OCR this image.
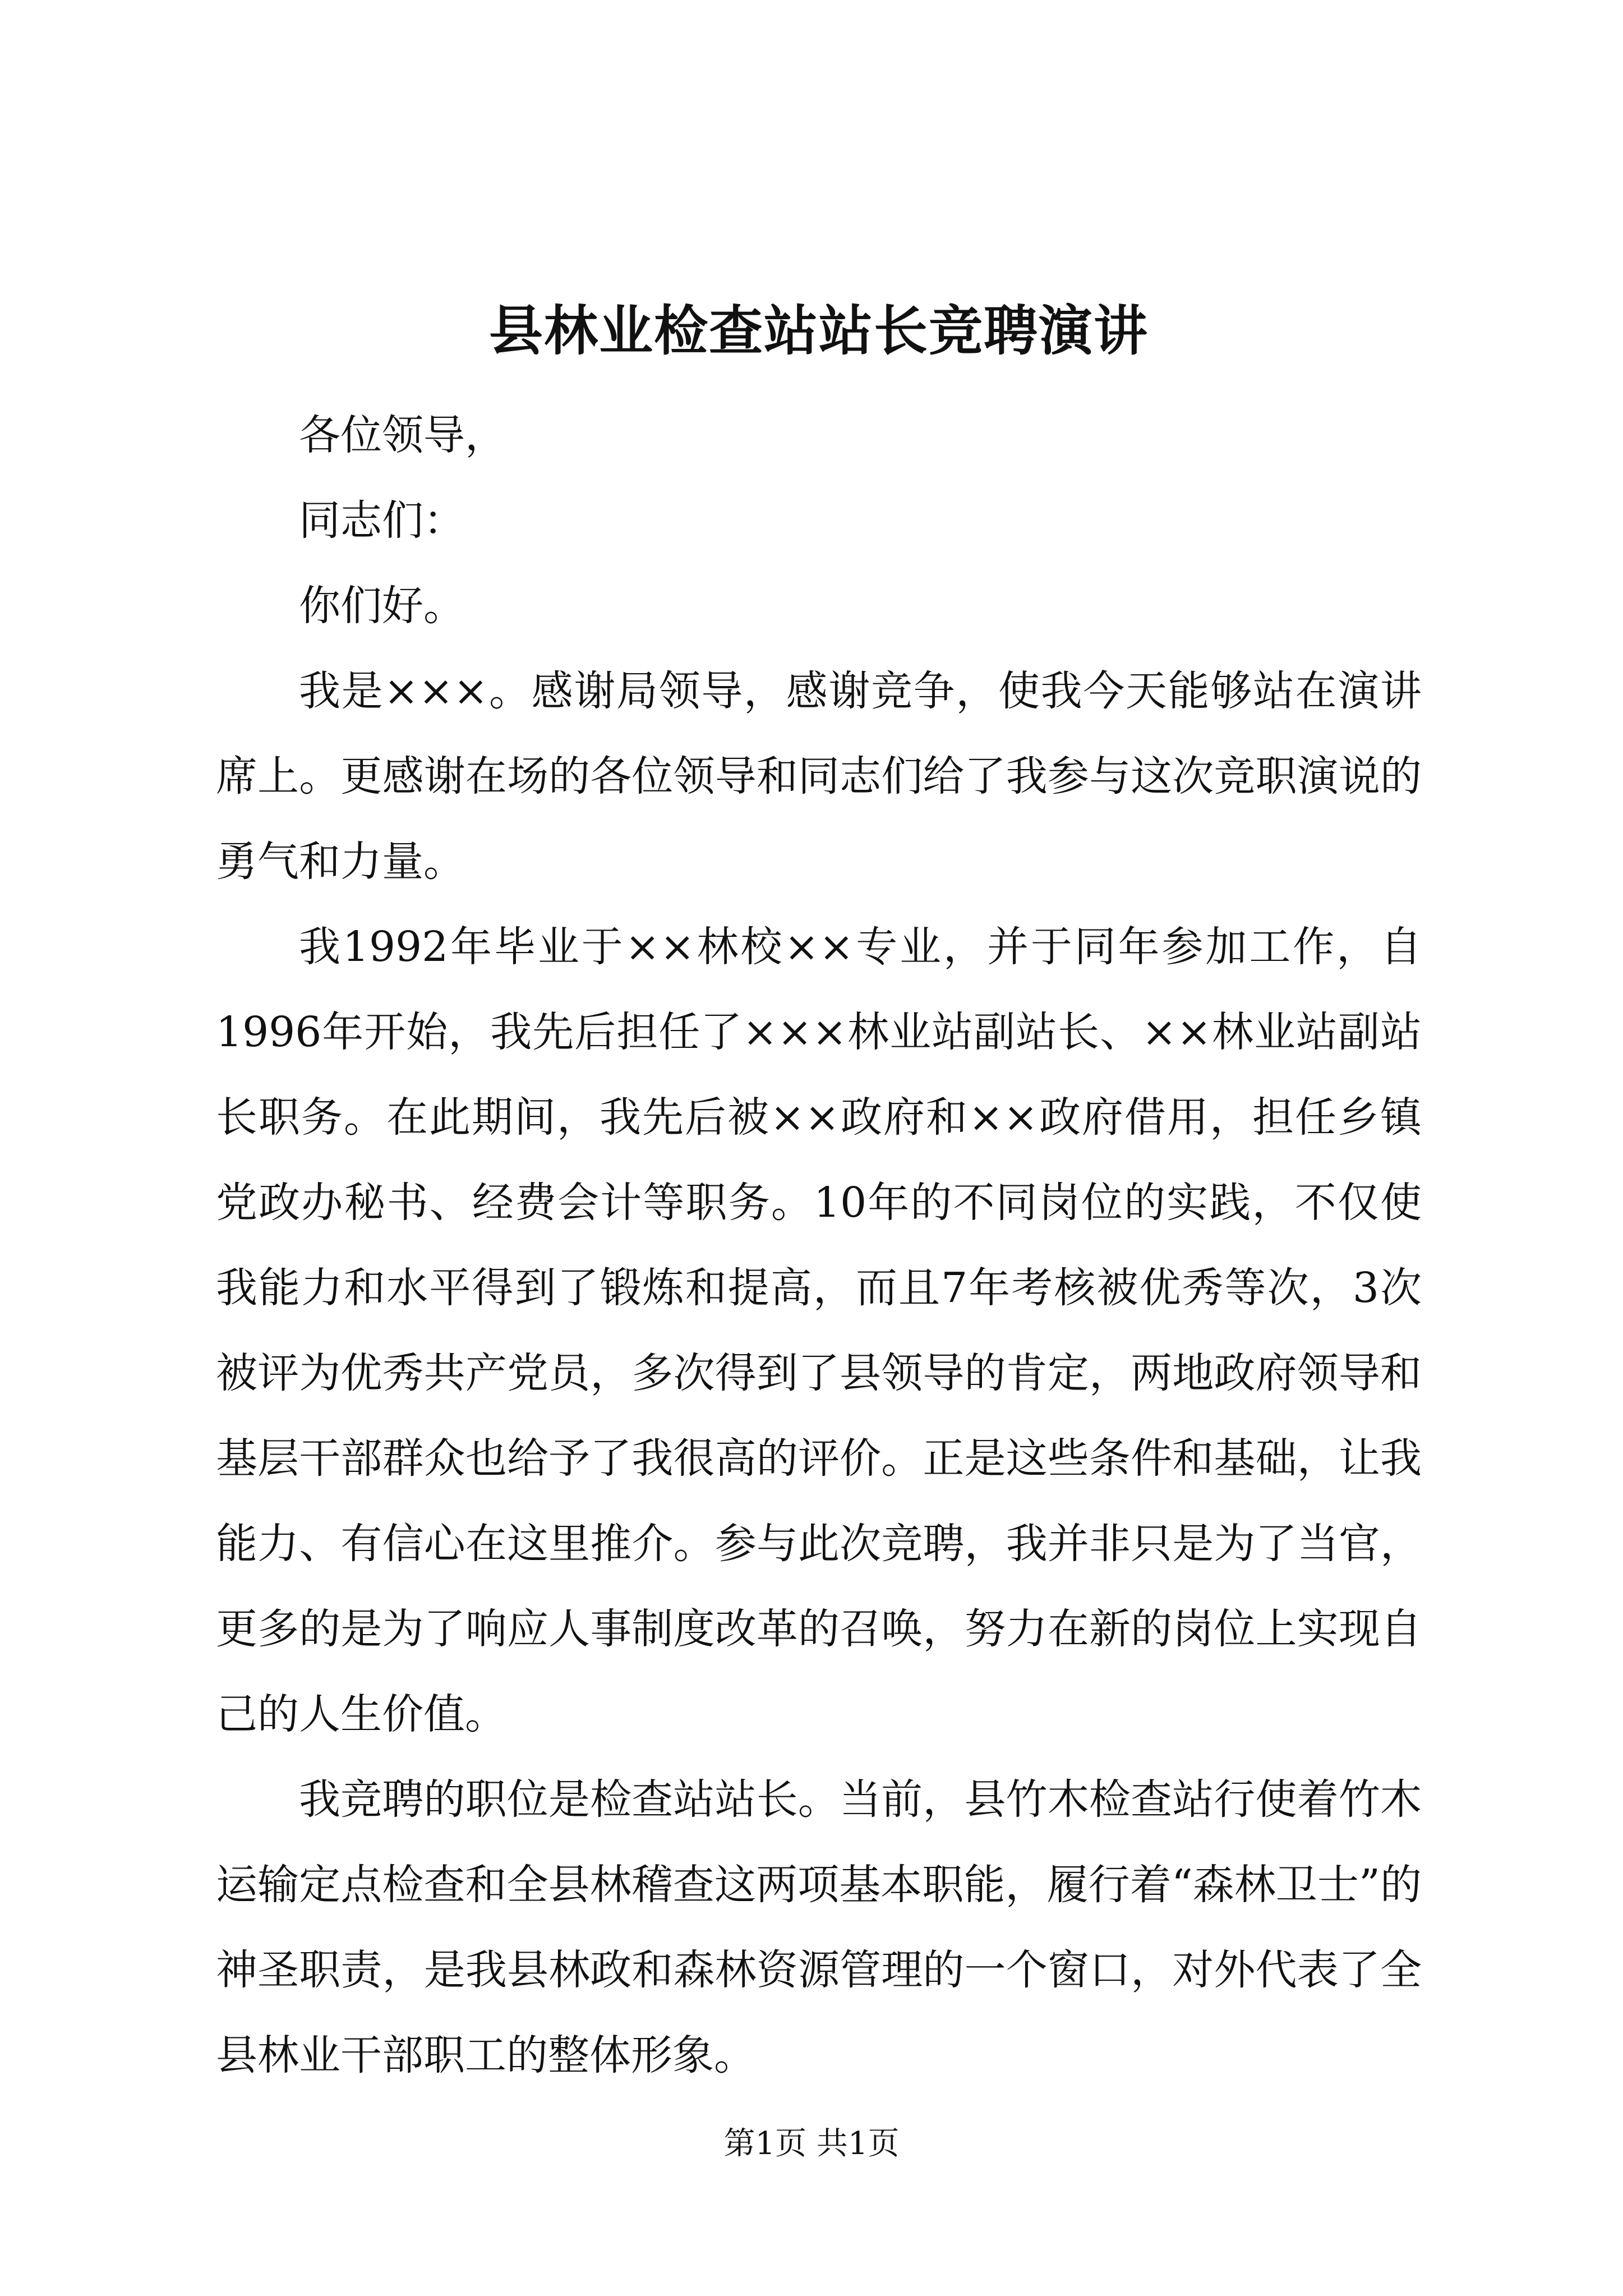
县林业检查站站长竞聘演讲

各位领导，

同志们：

你们好。

我是×××。感谢局领导，感谢竞争，使我今天能够站在演讲席上。更感谢在场的各位领导和同志们给了我参与这次竞职演说的勇气和力量。

我1992年毕业于××林校××专业，并于同年参加工作，自1996年开始，我先后担任了×××林业站副站长、××林业站副站长职务。在此期间，我先后被××政府和××政府借用，担任乡镇党政办秘书、经费会计等职务。10年的不同岗位的实践，不仅使我能力和水平得到了锻炼和提高，而且7年考核被优秀等次，3次被评为优秀共产党员，多次得到了县领导的肯定，两地政府领导和基层干部群众也给予了我很高的评价。正是这些条件和基础，让我能力、有信心在这里推介。参与此次竞聘，我并非只是为了当官，更多的是为了响应人事制度改革的召唤，努力在新的岗位上实现自己的人生价值。

我竞聘的职位是检查站站长。当前，县竹木检查站行使着竹木运输定点检查和全县林稽查这两项基本职能，履行着“森林卫士”的神圣职责，是我县林政和森林资源管理的一个窗口，对外代表了全县林业干部职工的整体形象。

第1页 共1页
